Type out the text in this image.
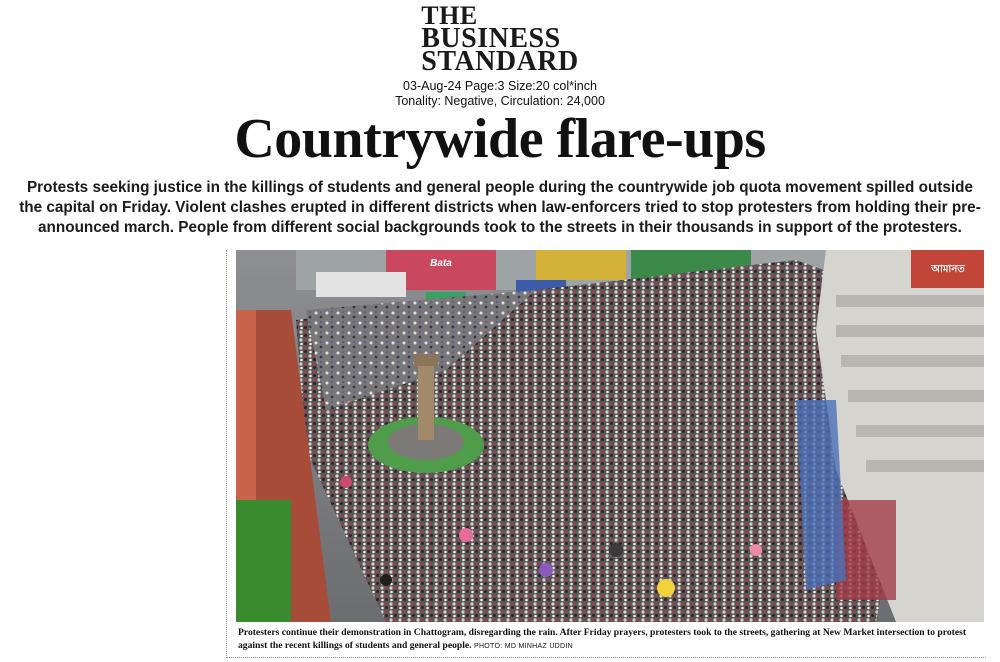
THE
BUSINESS
STANDARD
03-Aug-24 Page:3 Size:20 col*inch
Tonality: Negative, Circulation: 24,000
Countrywide flare-ups
Protests seeking justice in the killings of students and general people during the countrywide job quota movement spilled outside the capital on Friday. Violent clashes erupted in different districts when law-enforcers tried to stop protesters from holding their pre-announced march. People from different social backgrounds took to the streets in their thousands in support of the protesters.
Bata
আমানত
Protesters continue their demonstration in Chattogram, disregarding the rain. After Friday prayers, protesters took to the streets, gathering at New Market intersection to protest against the recent killings of students and general people. PHOTO: MD MINHAZ UDDIN
